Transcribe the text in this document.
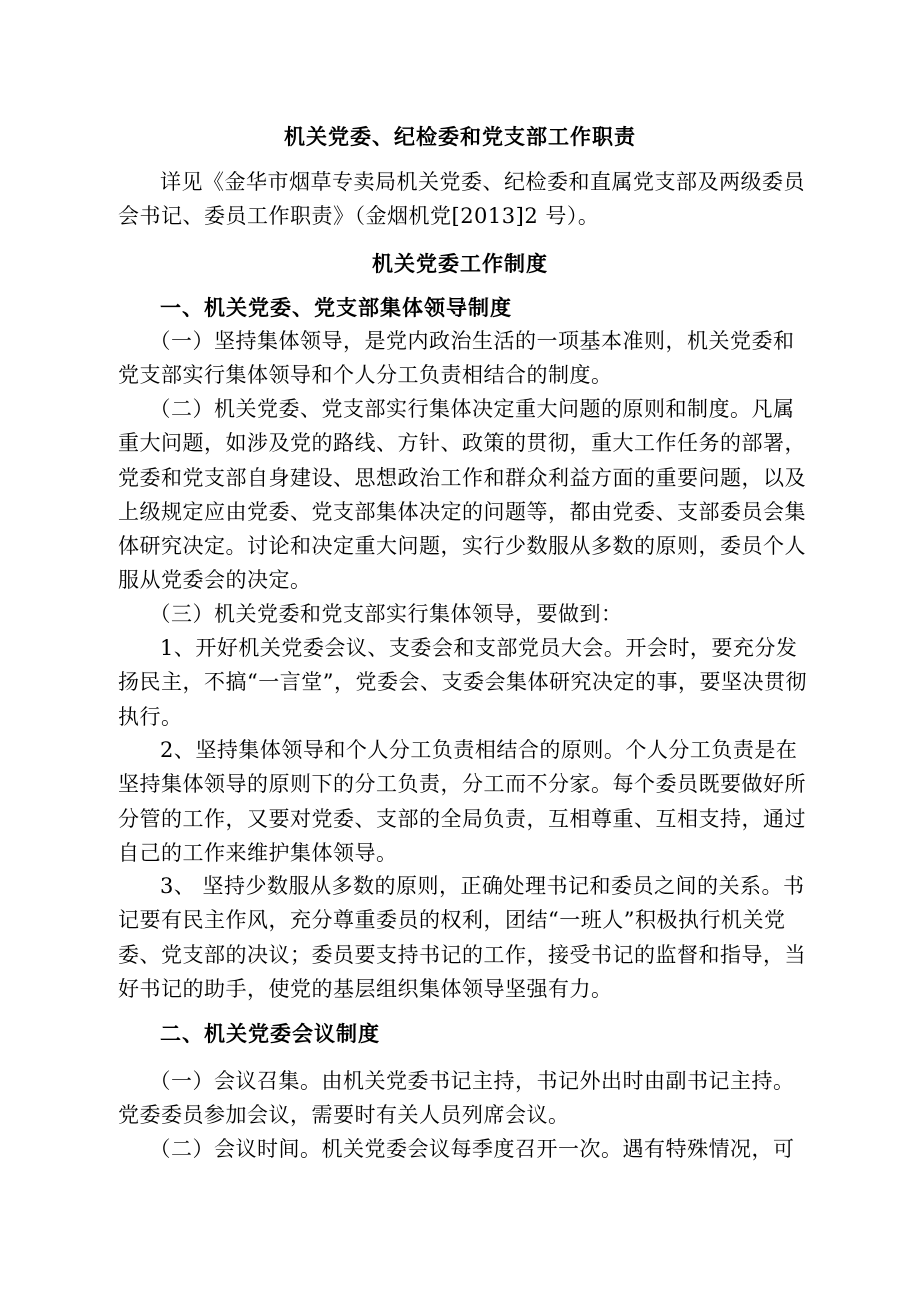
机关党委、纪检委和党支部工作职责
详见《金华市烟草专卖局机关党委、纪检委和直属党支部及两级委员会书记、委员工作职责》（金烟机党[2013]2 号）。
机关党委工作制度
一、机关党委、党支部集体领导制度
（一）坚持集体领导，是党内政治生活的一项基本准则，机关党委和党支部实行集体领导和个人分工负责相结合的制度。
（二）机关党委、党支部实行集体决定重大问题的原则和制度。凡属重大问题，如涉及党的路线、方针、政策的贯彻，重大工作任务的部署，党委和党支部自身建设、思想政治工作和群众利益方面的重要问题，以及上级规定应由党委、党支部集体决定的问题等，都由党委、支部委员会集体研究决定。讨论和决定重大问题，实行少数服从多数的原则，委员个人服从党委会的决定。
（三）机关党委和党支部实行集体领导，要做到：
1、开好机关党委会议、支委会和支部党员大会。开会时，要充分发扬民主，不搞“一言堂”，党委会、支委会集体研究决定的事，要坚决贯彻执行。
2、坚持集体领导和个人分工负责相结合的原则。个人分工负责是在坚持集体领导的原则下的分工负责，分工而不分家。每个委员既要做好所分管的工作，又要对党委、支部的全局负责，互相尊重、互相支持，通过自己的工作来维护集体领导。
3、 坚持少数服从多数的原则，正确处理书记和委员之间的关系。书记要有民主作风，充分尊重委员的权利，团结“一班人”积极执行机关党委、党支部的决议；委员要支持书记的工作，接受书记的监督和指导，当好书记的助手，使党的基层组织集体领导坚强有力。
二、机关党委会议制度
（一）会议召集。由机关党委书记主持，书记外出时由副书记主持。党委委员参加会议，需要时有关人员列席会议。
（二）会议时间。机关党委会议每季度召开一次。遇有特殊情况，可
